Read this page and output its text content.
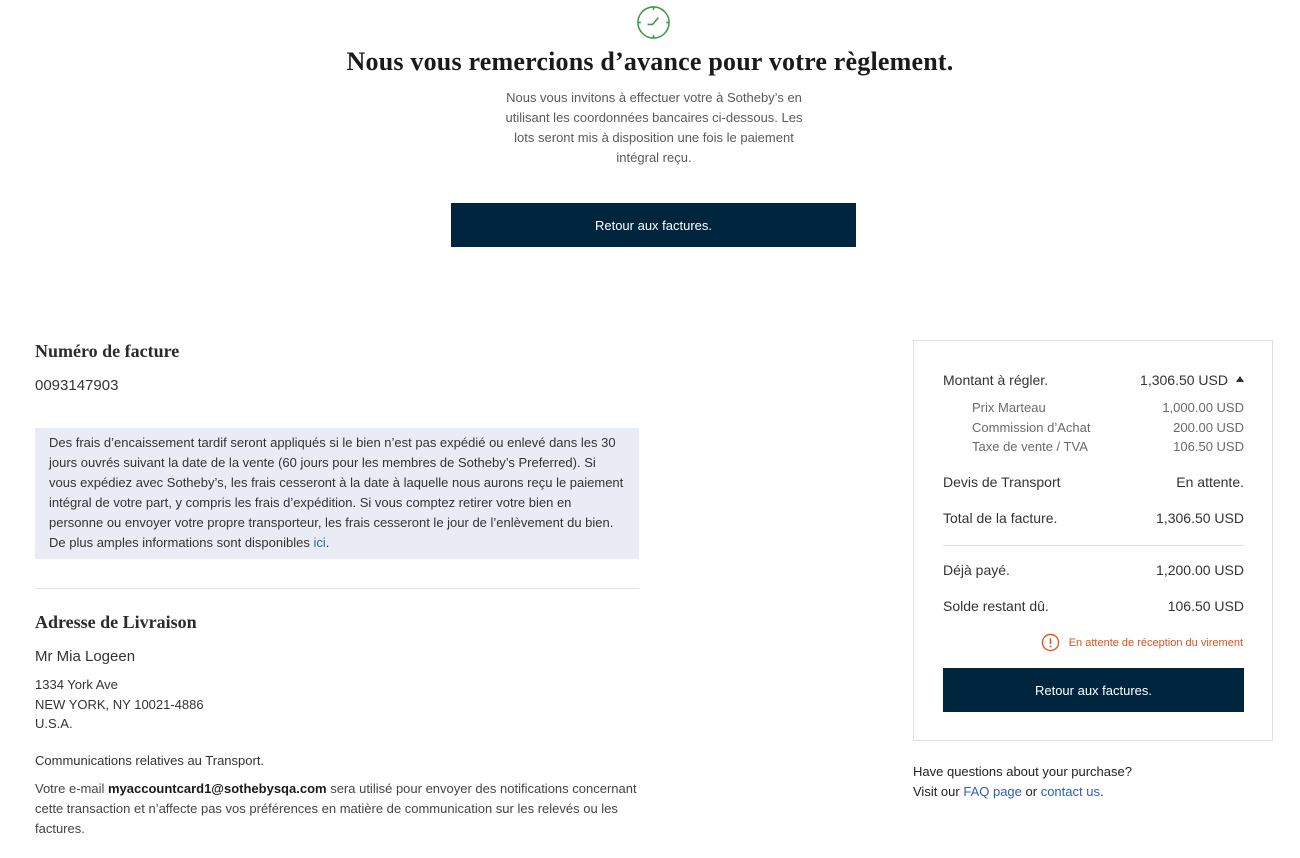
Nous vous remercions d’avance pour votre règlement.
Nous vous invitons à effectuer votre à Sotheby’s en utilisant les coordonnées bancaires ci-dessous. Les lots seront mis à disposition une fois le paiement intégral reçu.
Retour aux factures.
Numéro de facture
0093147903
Des frais d’encaissement tardif seront appliqués si le bien n’est pas expédié ou enlevé dans les 30 jours ouvrés suivant la date de la vente (60 jours pour les membres de Sotheby’s Preferred). Si vous expédiez avec Sotheby’s, les frais cesseront à la date à laquelle nous aurons reçu le paiement intégral de votre part, y compris les frais d’expédition. Si vous comptez retirer votre bien en personne ou envoyer votre propre transporteur, les frais cesseront le jour de l’enlèvement du bien. De plus amples informations sont disponibles ici.
Adresse de Livraison
Mr Mia Logeen
1334 York Ave
NEW YORK, NY 10021-4886
U.S.A.
Communications relatives au Transport.
Votre e-mail myaccountcard1@sothebysqa.com sera utilisé pour envoyer des notifications concernant cette transaction et n’affecte pas vos préférences en matière de communication sur les relevés ou les factures.
Montant à régler.	1,306.50 USD
Prix Marteau	1,000.00 USD
Commission d’Achat	200.00 USD
Taxe de vente / TVA	106.50 USD
Devis de Transport	En attente.
Total de la facture.	1,306.50 USD
Déjà payé.	1,200.00 USD
Solde restant dû.	106.50 USD
En attente de réception du virement
Retour aux factures.
Have questions about your purchase?
Visit our FAQ page or contact us.
